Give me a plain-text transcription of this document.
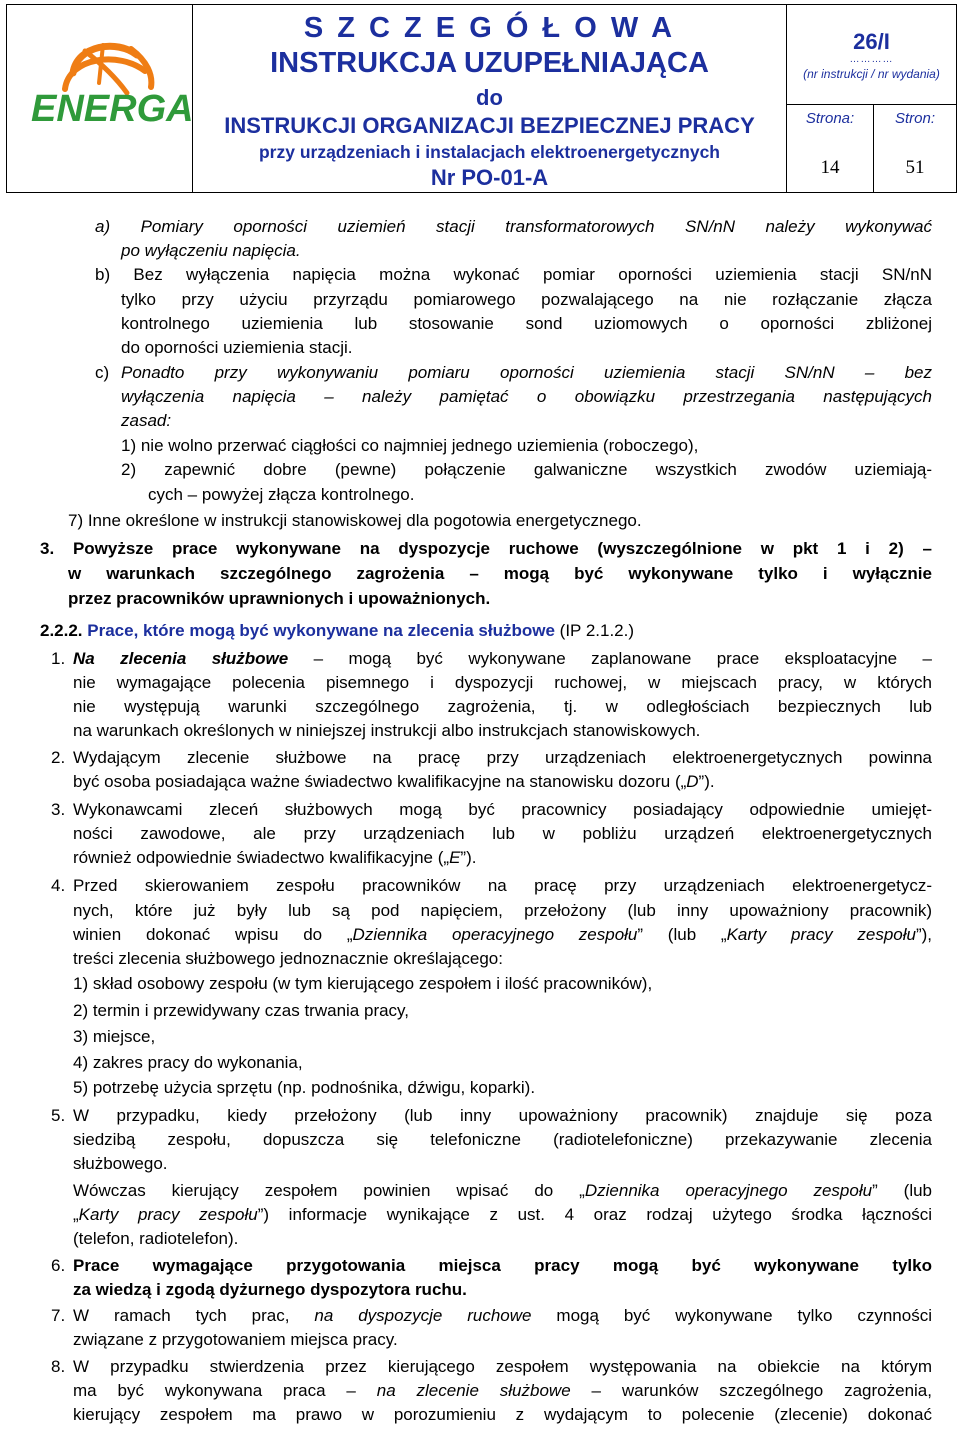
ENERGA
S Z C Z E G Ó Ł O W A
INSTRUKCJA UZUPEŁNIAJĄCA
do
INSTRUKCJI ORGANIZACJI BEZPIECZNEJ PRACY
przy urządzeniach i instalacjach elektroenergetycznych
Nr PO-01-A
26/I
…………
(nr instrukcji / nr wydania)
Strona:	Stron:
14	51
a) Pomiary oporności uziemień stacji transformatorowych SN/nN należy wykonywać
po wyłączeniu napięcia.
b) Bez wyłączenia napięcia można wykonać pomiar oporności uziemienia stacji SN/nN
tylko przy użyciu przyrządu pomiarowego pozwalającego na nie rozłączanie złącza
kontrolnego uziemienia lub stosowanie sond uziomowych o oporności zbliżonej
do oporności uziemienia stacji.
c) Ponadto przy wykonywaniu pomiaru oporności uziemienia stacji SN/nN – bez
wyłączenia napięcia – należy pamiętać o obowiązku przestrzegania następujących
zasad:
1) nie wolno przerwać ciągłości co najmniej jednego uziemienia (roboczego),
2) zapewnić dobre (pewne) połączenie galwaniczne wszystkich zwodów uziemiają-
cych – powyżej złącza kontrolnego.
7) Inne określone w instrukcji stanowiskowej dla pogotowia energetycznego.
3. Powyższe prace wykonywane na dyspozycje ruchowe (wyszczególnione w pkt 1 i 2) –
w warunkach szczególnego zagrożenia – mogą być wykonywane tylko i wyłącznie
przez pracowników uprawnionych i upoważnionych.
2.2.2. Prace, które mogą być wykonywane na zlecenia służbowe (IP 2.1.2.)
1. Na zlecenia służbowe – mogą być wykonywane zaplanowane prace eksploatacyjne –
nie wymagające polecenia pisemnego i dyspozycji ruchowej, w miejscach pracy, w których
nie występują warunki szczególnego zagrożenia, tj. w odległościach bezpiecznych lub
na warunkach określonych w niniejszej instrukcji albo instrukcjach stanowiskowych.
2. Wydającym zlecenie służbowe na pracę przy urządzeniach elektroenergetycznych powinna
być osoba posiadająca ważne świadectwo kwalifikacyjne na stanowisku dozoru („D”).
3. Wykonawcami zleceń służbowych mogą być pracownicy posiadający odpowiednie umiejęt-
ności zawodowe, ale przy urządzeniach lub w pobliżu urządzeń elektroenergetycznych
również odpowiednie świadectwo kwalifikacyjne („E”).
4. Przed skierowaniem zespołu pracowników na pracę przy urządzeniach elektroenergetycz-
nych, które już były lub są pod napięciem, przełożony (lub inny upoważniony pracownik)
winien dokonać wpisu do „Dziennika operacyjnego zespołu” (lub „Karty pracy zespołu”),
treści zlecenia służbowego jednoznacznie określającego:
1) skład osobowy zespołu (w tym kierującego zespołem i ilość pracowników),
2) termin i przewidywany czas trwania pracy,
3) miejsce,
4) zakres pracy do wykonania,
5) potrzebę użycia sprzętu (np. podnośnika, dźwigu, koparki).
5. W przypadku, kiedy przełożony (lub inny upoważniony pracownik) znajduje się poza
siedzibą zespołu, dopuszcza się telefoniczne (radiotelefoniczne) przekazywanie zlecenia
służbowego.
Wówczas kierujący zespołem powinien wpisać do „Dziennika operacyjnego zespołu” (lub
„Karty pracy zespołu”) informacje wynikające z ust. 4 oraz rodzaj użytego środka łączności
(telefon, radiotelefon).
6. Prace wymagające przygotowania miejsca pracy mogą być wykonywane tylko
za wiedzą i zgodą dyżurnego dyspozytora ruchu.
7. W ramach tych prac, na dyspozycje ruchowe mogą być wykonywane tylko czynności
związane z przygotowaniem miejsca pracy.
8. W przypadku stwierdzenia przez kierującego zespołem występowania na obiekcie na którym
ma być wykonywana praca – na zlecenie służbowe – warunków szczególnego zagrożenia,
kierujący zespołem ma prawo w porozumieniu z wydającym to polecenie (zlecenie) dokonać
